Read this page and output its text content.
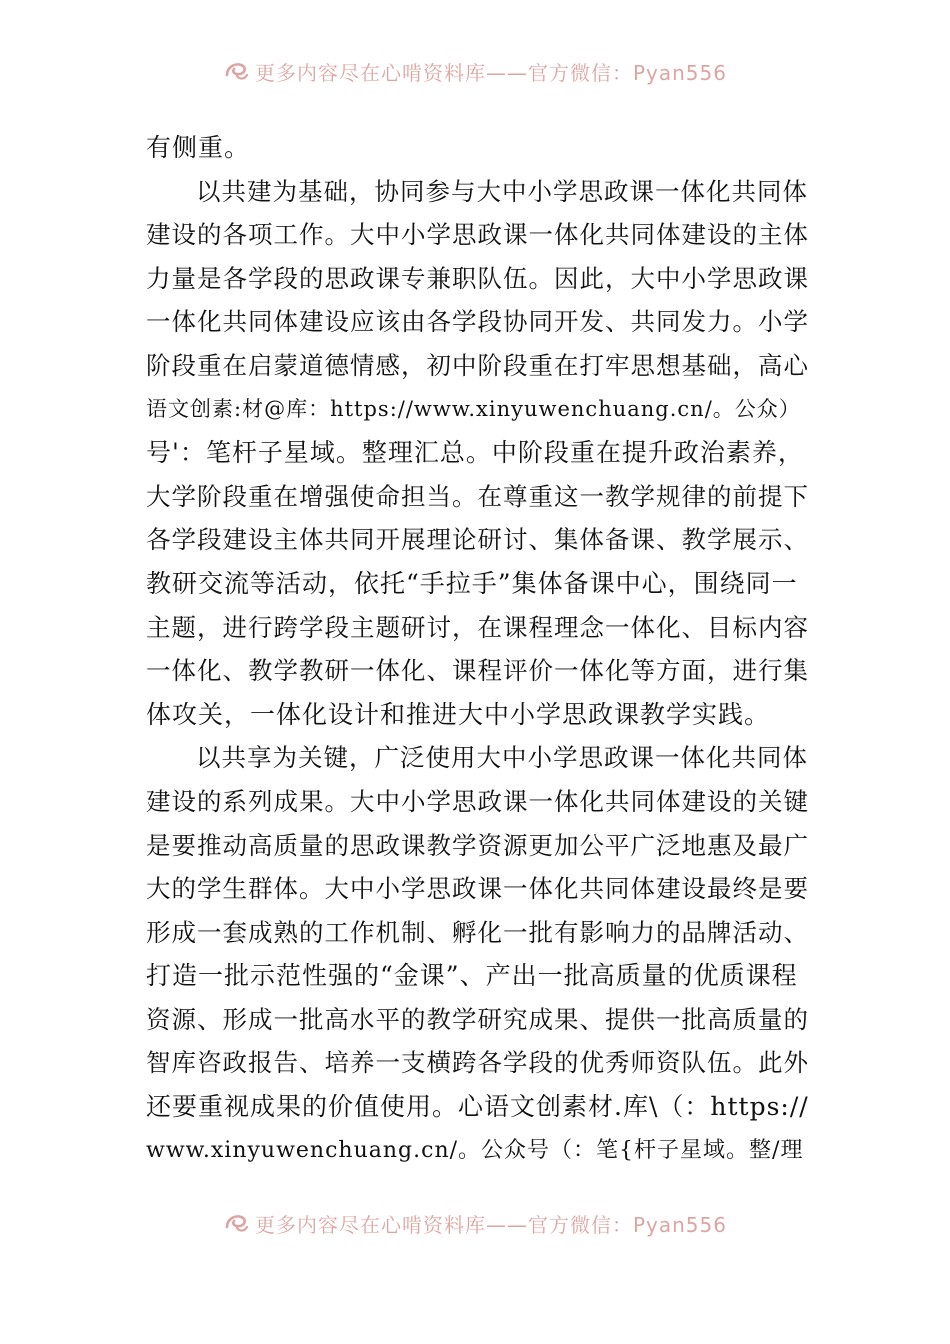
更多内容尽在心啃资料库——官方微信：Pyan556
有侧重。
以共建为基础，协同参与大中小学思政课一体化共同体
建设的各项工作。大中小学思政课一体化共同体建设的主体
力量是各学段的思政课专兼职队伍。因此，大中小学思政课
一体化共同体建设应该由各学段协同开发、共同发力。小学
阶段重在启蒙道德情感，初中阶段重在打牢思想基础，高心
语文创素:材@库：https://www.xinyuwenchuang.cn/。公众）
号'：笔杆子星域。整理汇总。中阶段重在提升政治素养，
大学阶段重在增强使命担当。在尊重这一教学规律的前提下
各学段建设主体共同开展理论研讨、集体备课、教学展示、
教研交流等活动，依托“手拉手”集体备课中心，围绕同一
主题，进行跨学段主题研讨，在课程理念一体化、目标内容
一体化、教学教研一体化、课程评价一体化等方面，进行集
体攻关，一体化设计和推进大中小学思政课教学实践。
以共享为关键，广泛使用大中小学思政课一体化共同体
建设的系列成果。大中小学思政课一体化共同体建设的关键
是要推动高质量的思政课教学资源更加公平广泛地惠及最广
大的学生群体。大中小学思政课一体化共同体建设最终是要
形成一套成熟的工作机制、孵化一批有影响力的品牌活动、
打造一批示范性强的“金课”、产出一批高质量的优质课程
资源、形成一批高水平的教学研究成果、提供一批高质量的
智库咨政报告、培养一支横跨各学段的优秀师资队伍。此外
还要重视成果的价值使用。心语文创素材.库\（：https://
www.xinyuwenchuang.cn/。公众号（：笔{杆子星域。整/理
更多内容尽在心啃资料库——官方微信：Pyan556
